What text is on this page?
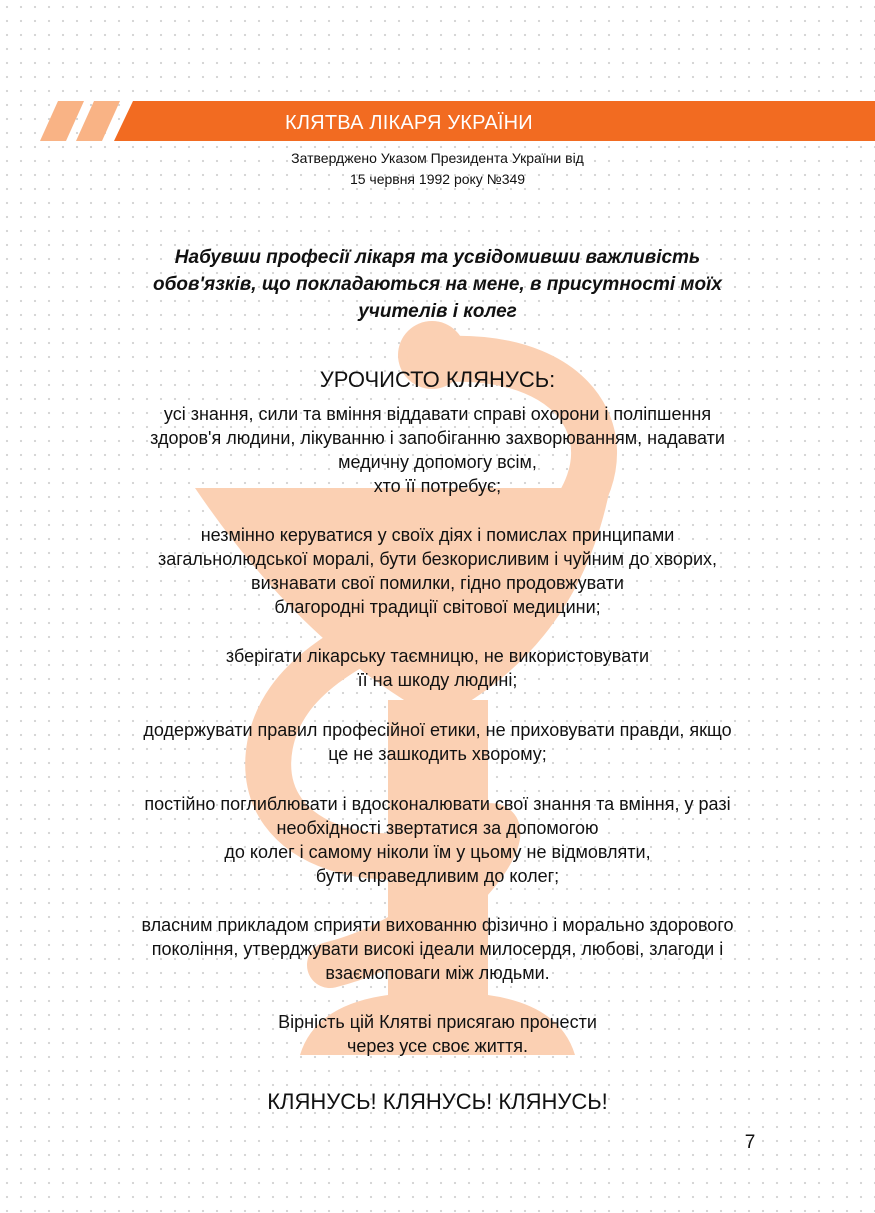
КЛЯТВА ЛІКАРЯ УКРАЇНИ
Затверджено Указом Президента України від
15 червня 1992 року №349
Набувши професії лікаря та усвідомивши важливість
обов'язків, що покладаються на мене, в присутності моїх
учителів і колег
УРОЧИСТО КЛЯНУСЬ:
усі знання, сили та вміння віддавати справі охорони і поліпшення
здоров'я людини, лікуванню і запобіганню захворюванням, надавати
медичну допомогу всім,
хто її потребує;
незмінно керуватися у своїх діях і помислах принципами
загальнолюдської моралі, бути безкорисливим і чуйним до хворих,
визнавати свої помилки, гідно продовжувати
благородні традиції світової медицини;
зберігати лікарську таємницю, не використовувати
її на шкоду людині;
додержувати правил професійної етики, не приховувати правди, якщо
це не зашкодить хворому;
постійно поглиблювати і вдосконалювати свої знання та вміння, у разі
необхідності звертатися за допомогою
до колег і самому ніколи їм у цьому не відмовляти,
бути справедливим до колег;
власним прикладом сприяти вихованню фізично і морально здорового
покоління, утверджувати високі ідеали милосердя, любові, злагоди і
взаємоповаги між людьми.
Вірність цій Клятві присягаю пронести
через усе своє життя.
КЛЯНУСЬ! КЛЯНУСЬ! КЛЯНУСЬ!
7
